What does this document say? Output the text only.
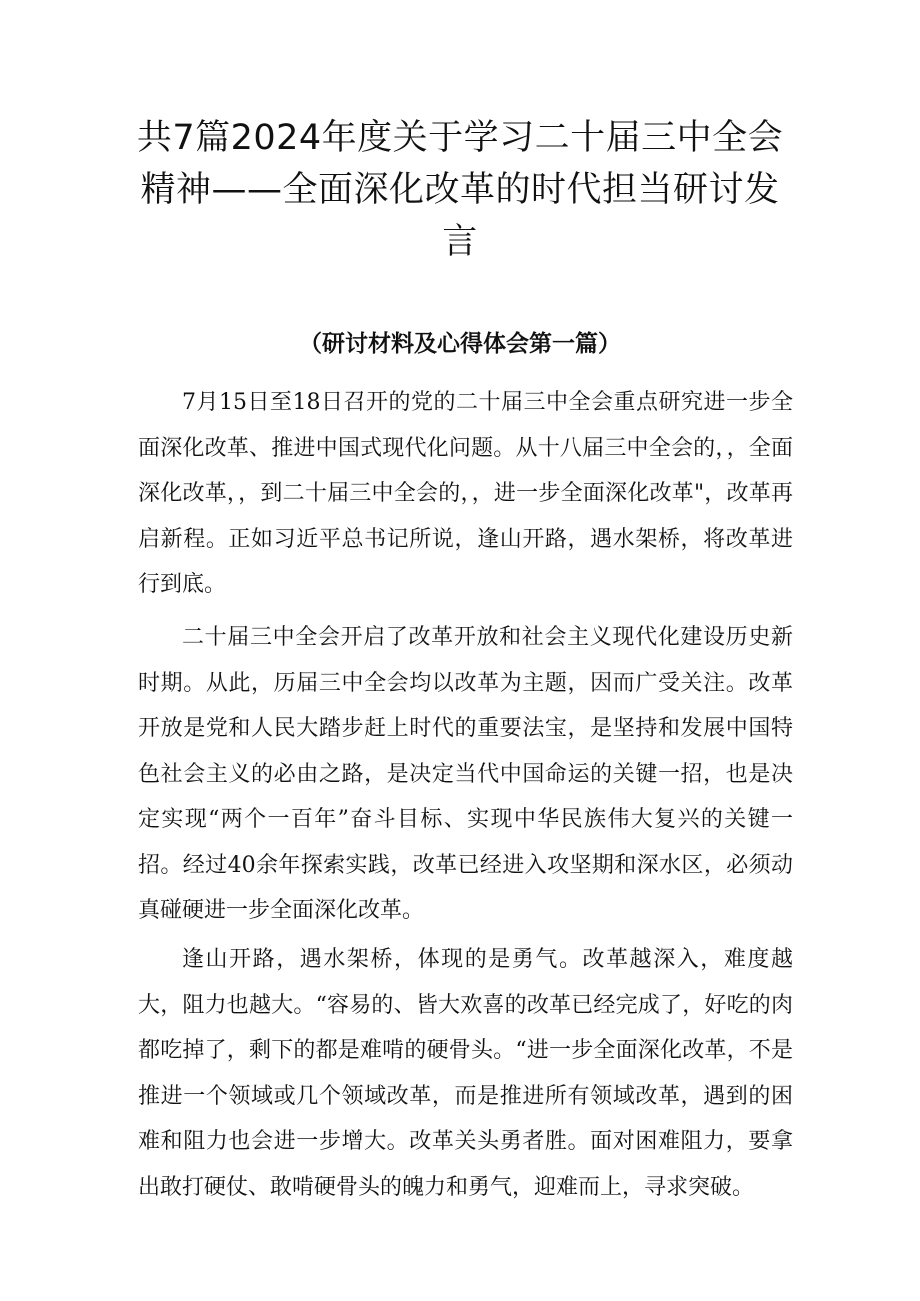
共7篇2024年度关于学习二十届三中全会精神——全面深化改革的时代担当研讨发言
（研讨材料及心得体会第一篇）

7月15日至18日召开的党的二十届三中全会重点研究进一步全面深化改革、推进中国式现代化问题。从十八届三中全会的，，全面深化改革，，到二十届三中全会的，，进一步全面深化改革"，改革再启新程。正如习近平总书记所说，逢山开路，遇水架桥，将改革进行到底。

二十届三中全会开启了改革开放和社会主义现代化建设历史新时期。从此，历届三中全会均以改革为主题，因而广受关注。改革开放是党和人民大踏步赶上时代的重要法宝，是坚持和发展中国特色社会主义的必由之路，是决定当代中国命运的关键一招，也是决定实现“两个一百年”奋斗目标、实现中华民族伟大复兴的关键一招。经过40余年探索实践，改革已经进入攻坚期和深水区，必须动真碰硬进一步全面深化改革。

逢山开路，遇水架桥，体现的是勇气。改革越深入，难度越大，阻力也越大。“容易的、皆大欢喜的改革已经完成了，好吃的肉都吃掉了，剩下的都是难啃的硬骨头。“进一步全面深化改革，不是推进一个领域或几个领域改革，而是推进所有领域改革，遇到的困难和阻力也会进一步增大。改革关头勇者胜。面对困难阻力，要拿出敢打硬仗、敢啃硬骨头的魄力和勇气，迎难而上，寻求突破。
